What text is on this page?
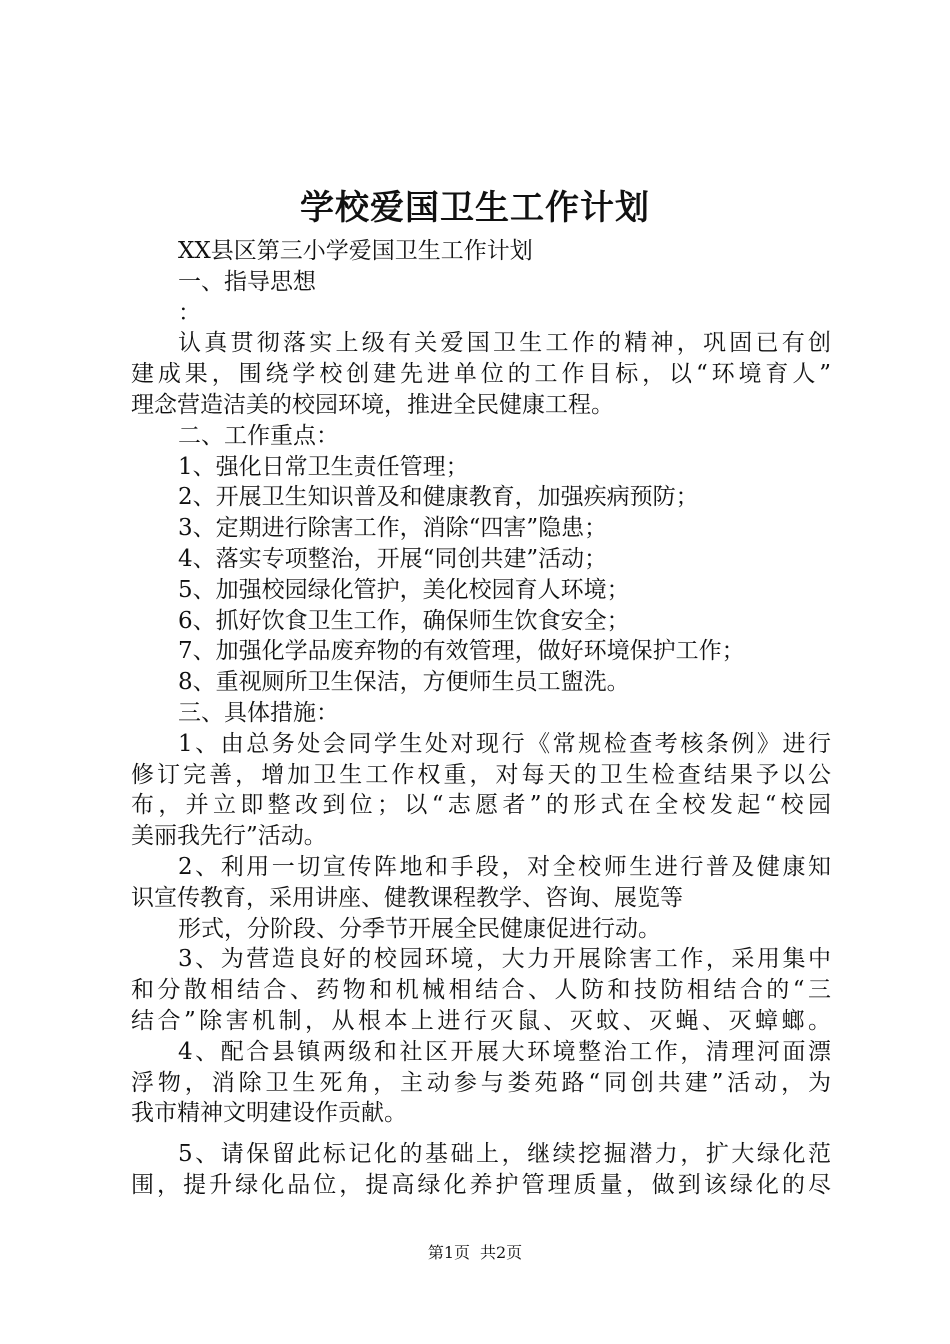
学校爱国卫生工作计划
XX县区第三小学爱国卫生工作计划
一、指导思想
：
认真贯彻落实上级有关爱国卫生工作的精神，巩固已有创
建成果，围绕学校创建先进单位的工作目标，以“环境育人”
理念营造洁美的校园环境，推进全民健康工程。
二、工作重点：
1、强化日常卫生责任管理；
2、开展卫生知识普及和健康教育，加强疾病预防；
3、定期进行除害工作，消除“四害”隐患；
4、落实专项整治，开展“同创共建”活动；
5、加强校园绿化管护，美化校园育人环境；
6、抓好饮食卫生工作，确保师生饮食安全；
7、加强化学品废弃物的有效管理，做好环境保护工作；
8、重视厕所卫生保洁，方便师生员工盥洗。
三、具体措施：
1、由总务处会同学生处对现行《常规检查考核条例》进行
修订完善，增加卫生工作权重，对每天的卫生检查结果予以公
布，并立即整改到位；以“志愿者”的形式在全校发起“校园
美丽我先行”活动。
2、利用一切宣传阵地和手段，对全校师生进行普及健康知
识宣传教育，采用讲座、健教课程教学、咨询、展览等
形式，分阶段、分季节开展全民健康促进行动。
3、为营造良好的校园环境，大力开展除害工作，采用集中
和分散相结合、药物和机械相结合、人防和技防相结合的“三
结合”除害机制，从根本上进行灭鼠、灭蚊、灭蝇、灭蟑螂。
4、配合县镇两级和社区开展大环境整治工作，清理河面漂
浮物，消除卫生死角，主动参与娄苑路“同创共建”活动，为
我市精神文明建设作贡献。
5、请保留此标记化的基础上，继续挖掘潜力，扩大绿化范
围，提升绿化品位，提高绿化养护管理质量，做到该绿化的尽
第1页 共2页
